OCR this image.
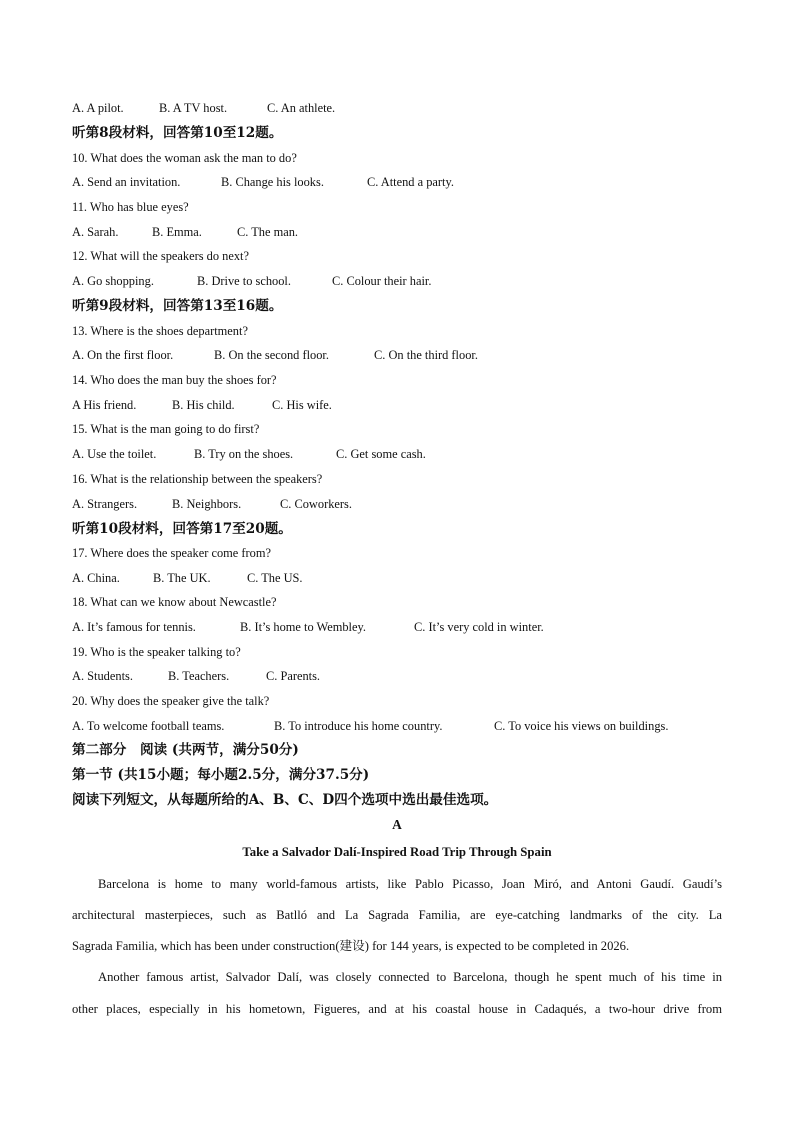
A. A pilot.	B. A TV host.	C. An athlete.
听第8段材料，回答第10至12题。
10. What does the woman ask the man to do?
A. Send an invitation.	B. Change his looks.	C. Attend a party.
11. Who has blue eyes?
A. Sarah.	B. Emma.	C. The man.
12. What will the speakers do next?
A. Go shopping.	B. Drive to school.	C. Colour their hair.
听第9段材料，回答第13至16题。
13. Where is the shoes department?
A. On the first floor.	B. On the second floor.	C. On the third floor.
14. Who does the man buy the shoes for?
A His friend.	B. His child.	C. His wife.
15. What is the man going to do first?
A. Use the toilet.	B. Try on the shoes.	C. Get some cash.
16. What is the relationship between the speakers?
A. Strangers.	B. Neighbors.	C. Coworkers.
听第10段材料，回答第17至20题。
17. Where does the speaker come from?
A. China.	B. The UK.	C. The US.
18. What can we know about Newcastle?
A. It’s famous for tennis.	B. It’s home to Wembley.	C. It’s very cold in winter.
19. Who is the speaker talking to?
A. Students.	B. Teachers.	C. Parents.
20. Why does the speaker give the talk?
A. To welcome football teams.	B. To introduce his home country.	C. To voice his views on buildings.
第二部分　阅读 (共两节，满分50分)
第一节 (共15小题；每小题2.5分，满分37.5分)
阅读下列短文，从每题所给的A、B、C、D四个选项中选出最佳选项。
A
Take a Salvador Dalí-Inspired Road Trip Through Spain
Barcelona is home to many world-famous artists, like Pablo Picasso, Joan Miró, and Antoni Gaudí. Gaudí’s
architectural masterpieces, such as Batlló and La Sagrada Familia, are eye-catching landmarks of the city. La
Sagrada Familia, which has been under construction(建设) for 144 years, is expected to be completed in 2026.
Another famous artist, Salvador Dalí, was closely connected to Barcelona, though he spent much of his time in
other places, especially in his hometown, Figueres, and at his coastal house in Cadaqués, a two-hour drive from
